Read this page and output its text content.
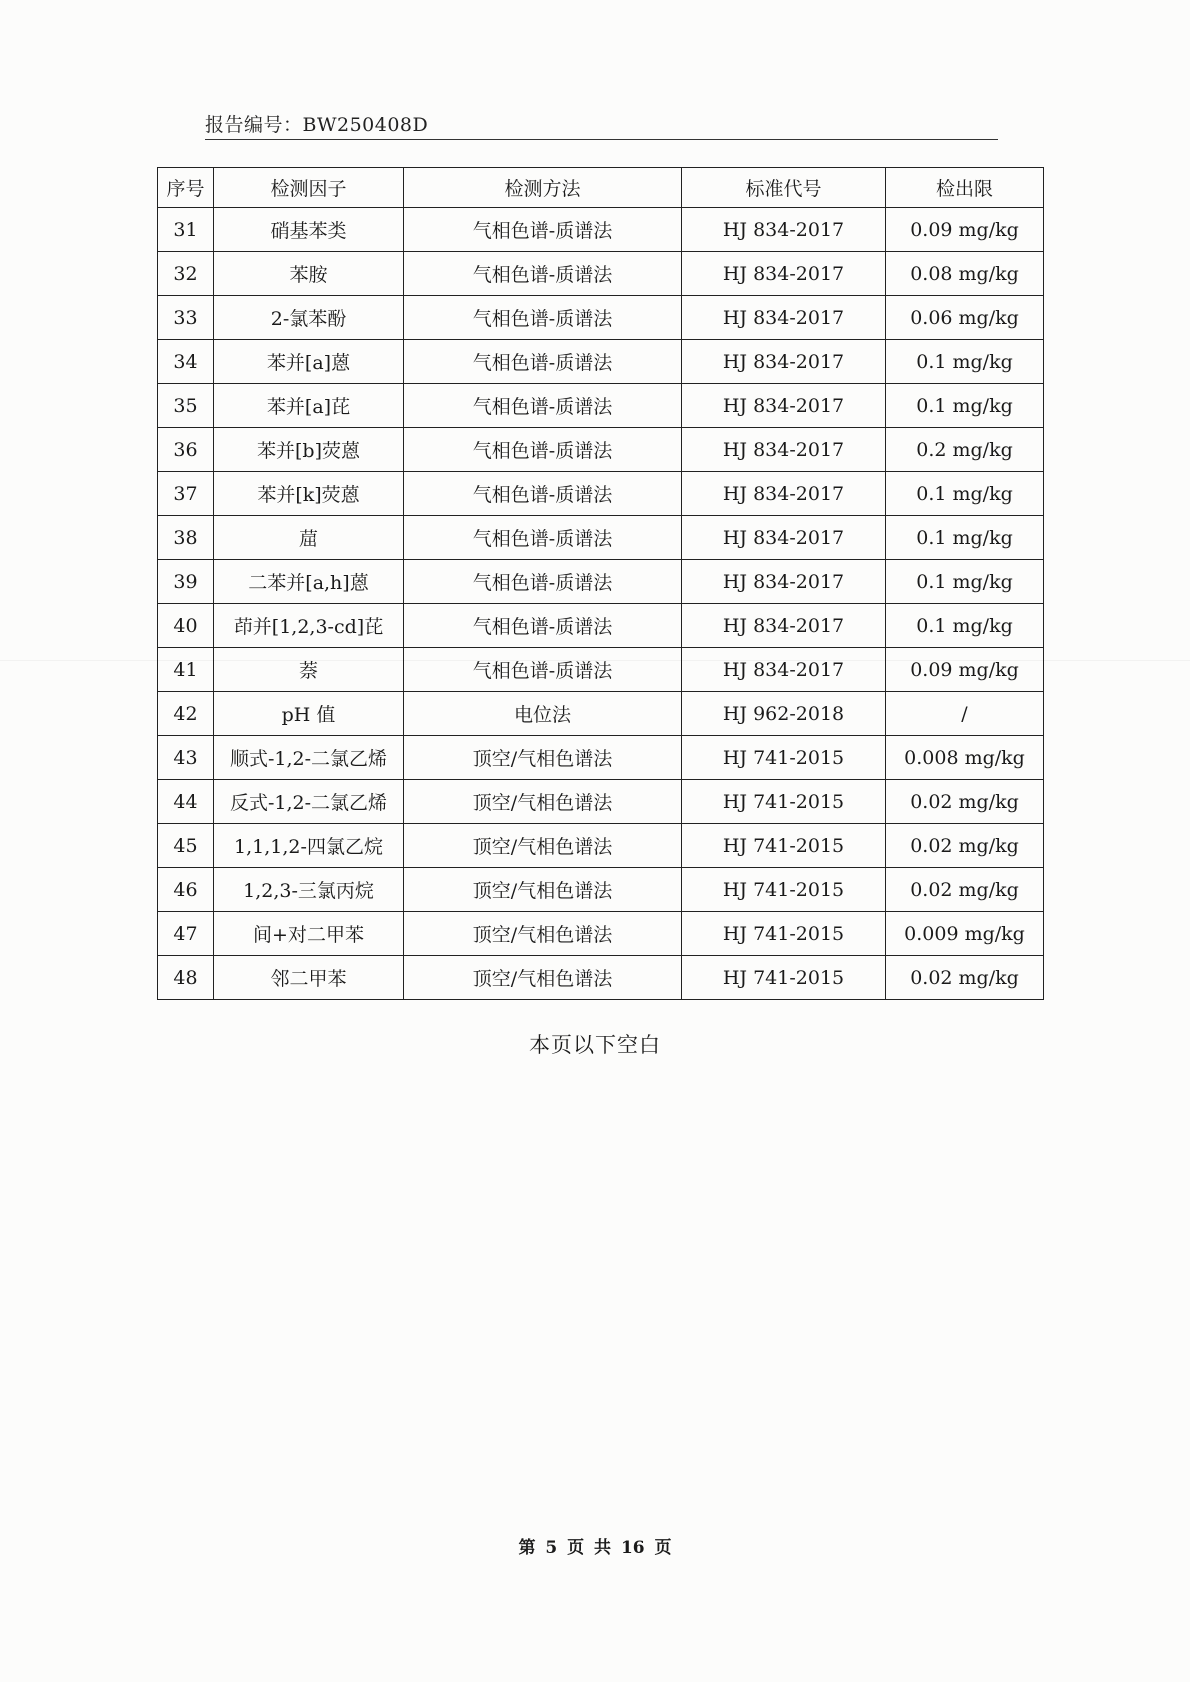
报告编号：BW250408D
序号	检测因子	检测方法	标准代号	检出限
31	硝基苯类	气相色谱-质谱法	HJ 834-2017	0.09 mg/kg
32	苯胺	气相色谱-质谱法	HJ 834-2017	0.08 mg/kg
33	2-氯苯酚	气相色谱-质谱法	HJ 834-2017	0.06 mg/kg
34	苯并[a]蒽	气相色谱-质谱法	HJ 834-2017	0.1 mg/kg
35	苯并[a]芘	气相色谱-质谱法	HJ 834-2017	0.1 mg/kg
36	苯并[b]荧蒽	气相色谱-质谱法	HJ 834-2017	0.2 mg/kg
37	苯并[k]荧蒽	气相色谱-质谱法	HJ 834-2017	0.1 mg/kg
38	䓛	气相色谱-质谱法	HJ 834-2017	0.1 mg/kg
39	二苯并[a,h]蒽	气相色谱-质谱法	HJ 834-2017	0.1 mg/kg
40	茚并[1,2,3-cd]芘	气相色谱-质谱法	HJ 834-2017	0.1 mg/kg
41	萘	气相色谱-质谱法	HJ 834-2017	0.09 mg/kg
42	pH 值	电位法	HJ 962-2018	/
43	顺式-1,2-二氯乙烯	顶空/气相色谱法	HJ 741-2015	0.008 mg/kg
44	反式-1,2-二氯乙烯	顶空/气相色谱法	HJ 741-2015	0.02 mg/kg
45	1,1,1,2-四氯乙烷	顶空/气相色谱法	HJ 741-2015	0.02 mg/kg
46	1,2,3-三氯丙烷	顶空/气相色谱法	HJ 741-2015	0.02 mg/kg
47	间+对二甲苯	顶空/气相色谱法	HJ 741-2015	0.009 mg/kg
48	邻二甲苯	顶空/气相色谱法	HJ 741-2015	0.02 mg/kg
本页以下空白
第 5 页 共 16 页
